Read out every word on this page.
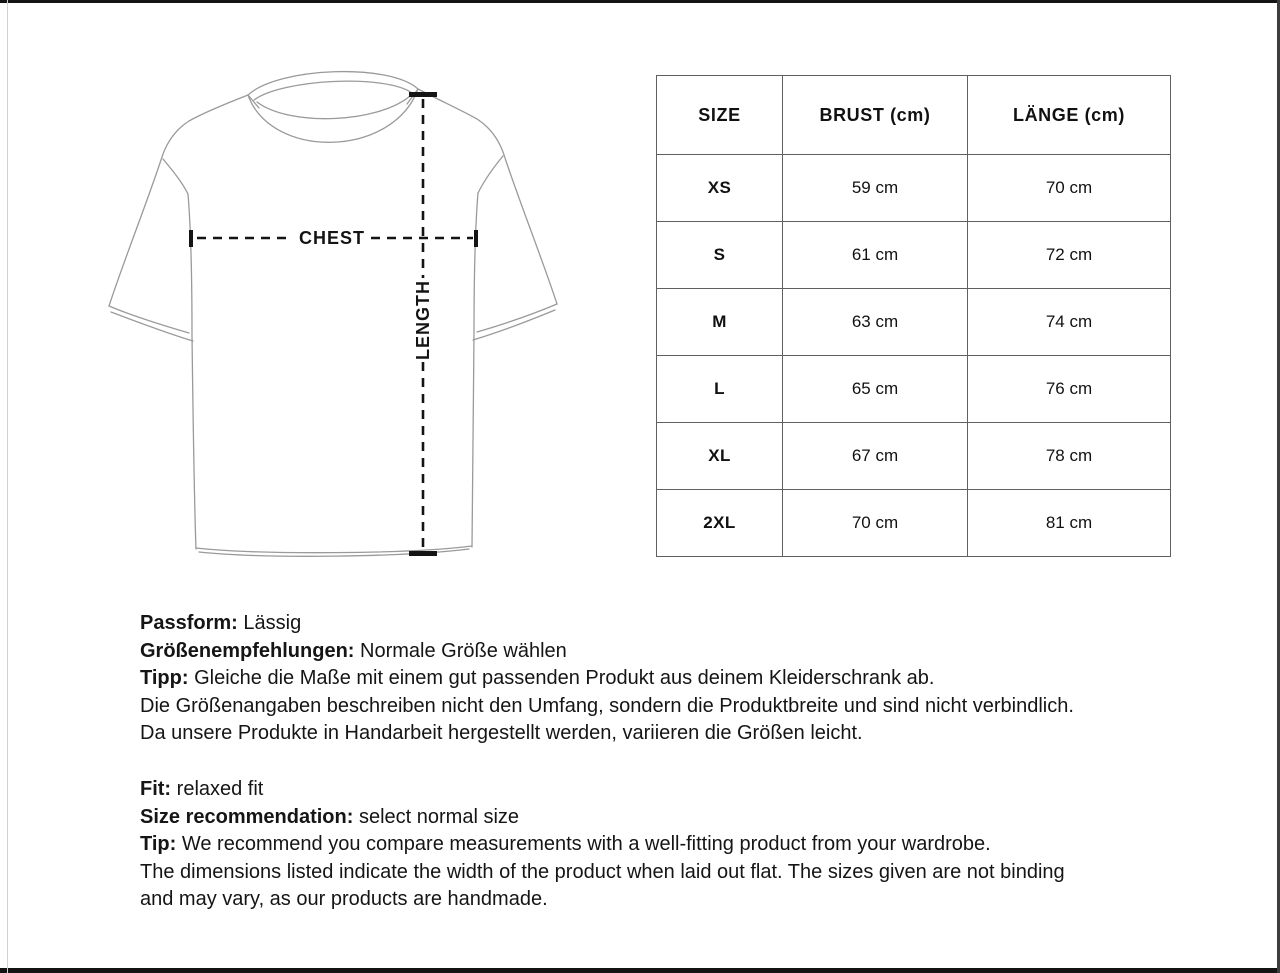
CHEST
LENGTH
SIZE	BRUST (cm)	LÄNGE (cm)
XS	59 cm	70 cm
S	61 cm	72 cm
M	63 cm	74 cm
L	65 cm	76 cm
XL	67 cm	78 cm
2XL	70 cm	81 cm
Passform: Lässig
Größenempfehlungen: Normale Größe wählen
Tipp: Gleiche die Maße mit einem gut passenden Produkt aus deinem Kleiderschrank ab.
Die Größenangaben beschreiben nicht den Umfang, sondern die Produktbreite und sind nicht verbindlich.
Da unsere Produkte in Handarbeit hergestellt werden, variieren die Größen leicht.
Fit: relaxed fit
Size recommendation: select normal size
Tip: We recommend you compare measurements with a well-fitting product from your wardrobe.
The dimensions listed indicate the width of the product when laid out flat. The sizes given are not binding
and may vary, as our products are handmade.
